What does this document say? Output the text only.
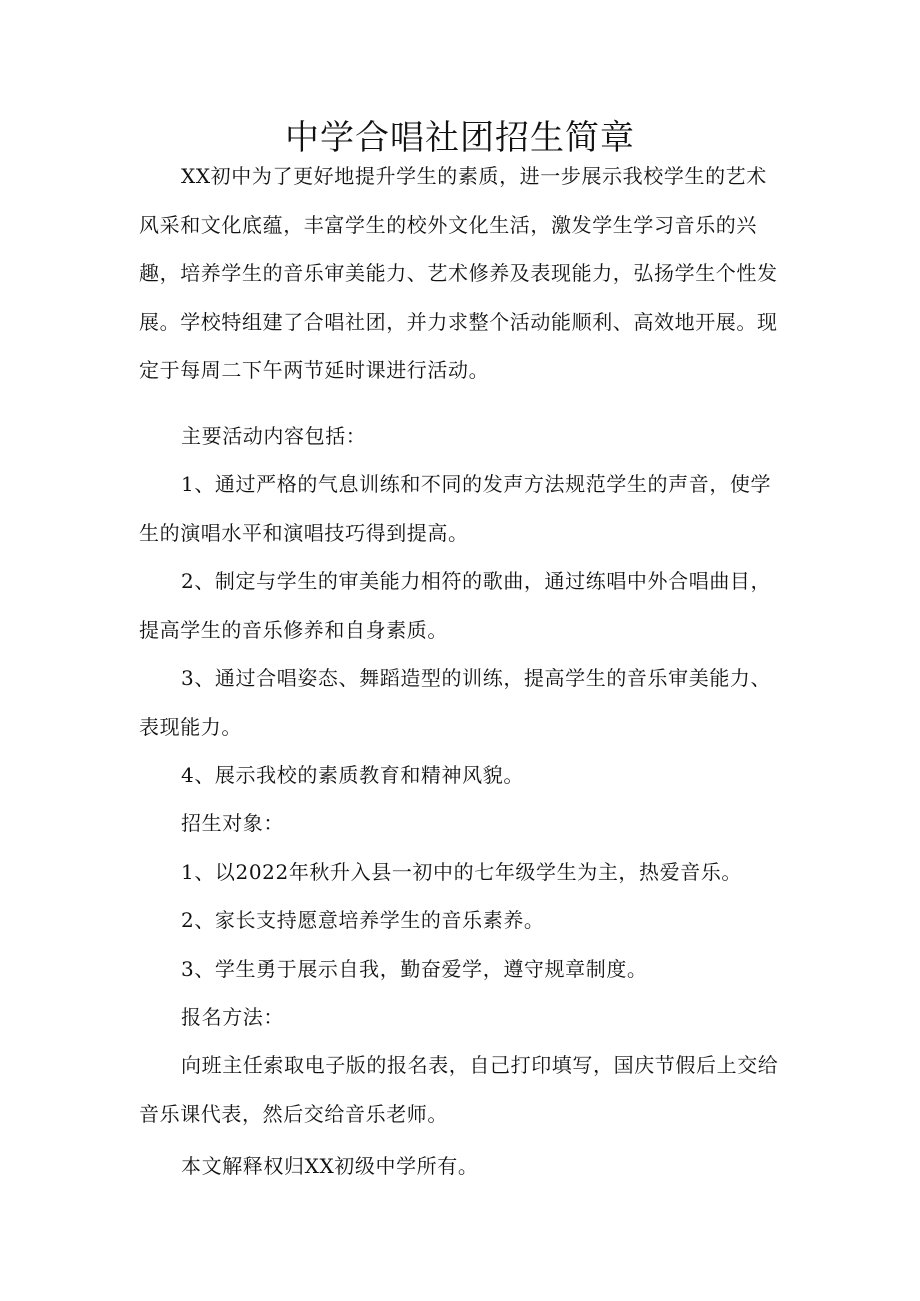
中学合唱社团招生简章

XX初中为了更好地提升学生的素质，进一步展示我校学生的艺术风采和文化底蕴，丰富学生的校外文化生活，激发学生学习音乐的兴趣，培养学生的音乐审美能力、艺术修养及表现能力，弘扬学生个性发展。学校特组建了合唱社团，并力求整个活动能顺利、高效地开展。现定于每周二下午两节延时课进行活动。

主要活动内容包括：

1、通过严格的气息训练和不同的发声方法规范学生的声音，使学生的演唱水平和演唱技巧得到提高。

2、制定与学生的审美能力相符的歌曲，通过练唱中外合唱曲目，提高学生的音乐修养和自身素质。

3、通过合唱姿态、舞蹈造型的训练，提高学生的音乐审美能力、表现能力。

4、展示我校的素质教育和精神风貌。

招生对象：

1、以2022年秋升入县一初中的七年级学生为主，热爱音乐。

2、家长支持愿意培养学生的音乐素养。

3、学生勇于展示自我，勤奋爱学，遵守规章制度。

报名方法：

向班主任索取电子版的报名表，自己打印填写，国庆节假后上交给音乐课代表，然后交给音乐老师。

本文解释权归XX初级中学所有。
